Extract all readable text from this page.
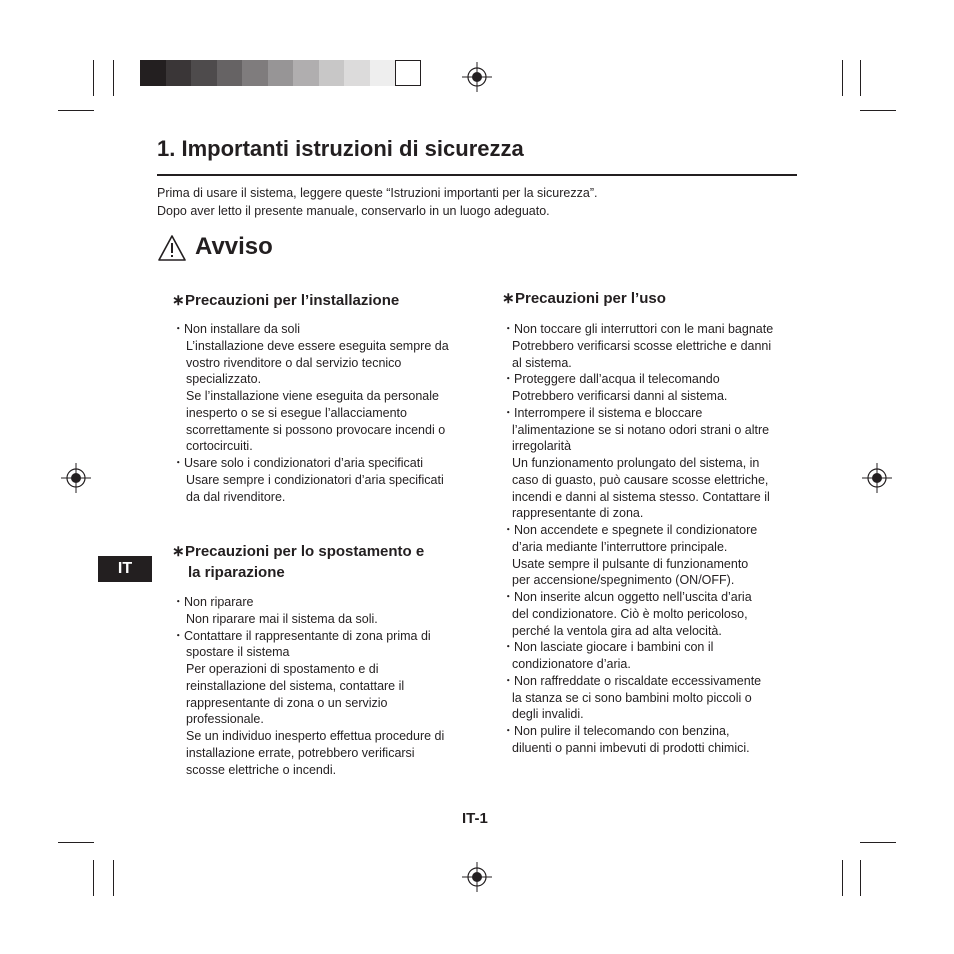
1. Importanti istruzioni di sicurezza
Prima di usare il sistema, leggere queste “Istruzioni importanti per la sicurezza”.
Dopo aver letto il presente manuale, conservarlo in un luogo adeguato.
Avviso
∗Precauzioni per l’installazione
∗Precauzioni per lo spostamento e
la riparazione
∗Precauzioni per l’uso
・ Non installare da soli
L’installazione deve essere eseguita sempre da
vostro rivenditore o dal servizio tecnico
specializzato.
Se l’installazione viene eseguita da personale
inesperto o se si esegue l’allacciamento
scorrettamente si possono provocare incendi o
cortocircuiti.
・ Usare solo i condizionatori d’aria specificati
Usare sempre i condizionatori d’aria specificati
da dal rivenditore.
・ Non riparare
Non riparare mai il sistema da soli.
・ Contattare il rappresentante di zona prima di
spostare il sistema
Per operazioni di spostamento e di
reinstallazione del sistema, contattare il
rappresentante di zona o un servizio
professionale.
Se un individuo inesperto effettua procedure di
installazione errate, potrebbero verificarsi
scosse elettriche o incendi.
・ Non toccare gli interruttori con le mani bagnate
Potrebbero verificarsi scosse elettriche e danni
al sistema.
・ Proteggere dall’acqua il telecomando
Potrebbero verificarsi danni al sistema.
・ Interrompere il sistema e bloccare
l’alimentazione se si notano odori strani o altre
irregolarità
Un funzionamento prolungato del sistema, in
caso di guasto, può causare scosse elettriche,
incendi e danni al sistema stesso. Contattare il
rappresentante di zona.
・ Non accendete e spegnete il condizionatore
d’aria mediante l’interruttore principale.
Usate sempre il pulsante di funzionamento
per accensione/spegnimento (ON/OFF).
・ Non inserite alcun oggetto nell’uscita d’aria
del condizionatore. Ciò è molto pericoloso,
perché la ventola gira ad alta velocità.
・ Non lasciate giocare i bambini con il
condizionatore d’aria.
・ Non raffreddate o riscaldate eccessivamente
la stanza se ci sono bambini molto piccoli o
degli invalidi.
・ Non pulire il telecomando con benzina,
diluenti o panni imbevuti di prodotti chimici.
IT
IT-1
